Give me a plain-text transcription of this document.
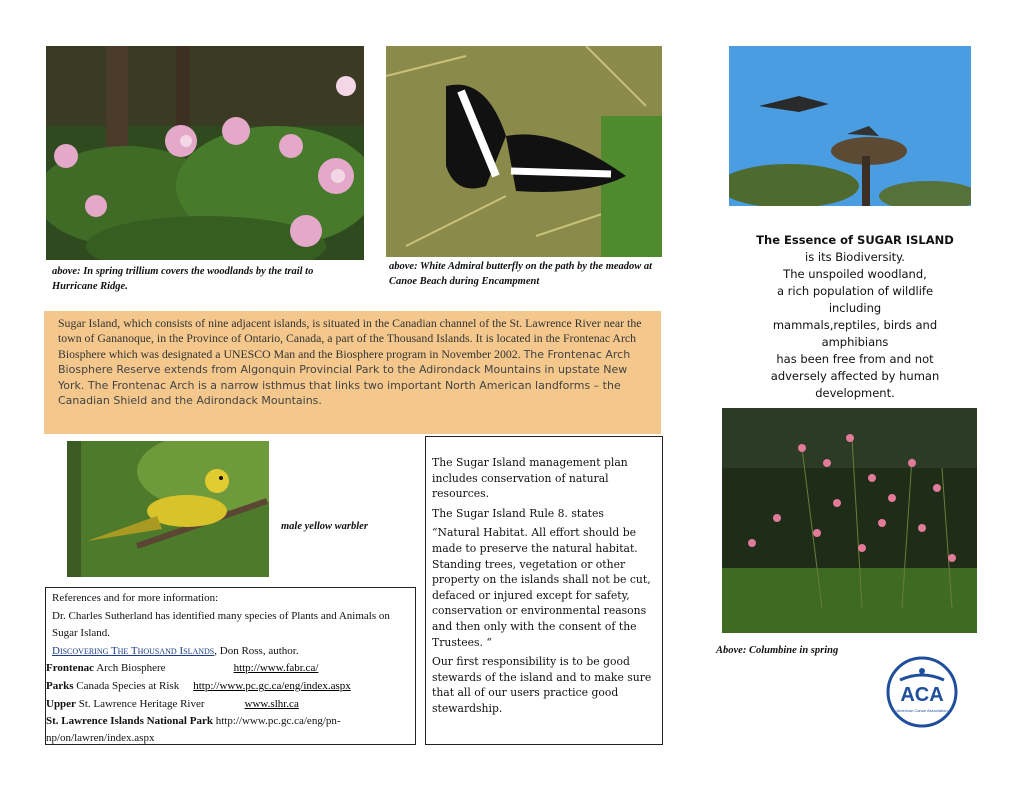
above: In spring trillium covers the woodlands by the trail to Hurricane Ridge.
above: White Admiral butterfly on the path by the meadow at Canoe Beach during Encampment

Sugar Island, which consists of nine adjacent islands, is situated in the Canadian channel of the St. Lawrence River near the town of Gananoque, in the Province of Ontario, Canada, a part of the Thousand Islands. It is located in the Frontenac Arch Biosphere which was designated a UNESCO Man and the Biosphere program in November 2002. The Frontenac Arch Biosphere Reserve extends from Algonquin Provincial Park to the Adirondack Mountains in upstate New York. The Frontenac Arch is a narrow isthmus that links two important North American landforms – the Canadian Shield and the Adirondack Mountains.

The Essence of SUGAR ISLAND
is its Biodiversity.
The unspoiled woodland,
a rich population of wildlife
including
mammals,reptiles, birds and
amphibians
has been free from and not
adversely affected by human
development.
Above: Columbine in spring
male yellow warbler
References and for more information:
Dr. Charles Sutherland has identified many species of Plants and Animals on Sugar Island.
Discovering The Thousand Islands, Don Ross, author.
Frontenac Arch Biosphere	http://www.fabr.ca/
Parks Canada Species at Risk http://www.pc.gc.ca/eng/index.aspx
Upper St. Lawrence Heritage River	www.slhr.ca
St. Lawrence Islands National Park http://www.pc.gc.ca/eng/pn-np/on/lawren/index.aspx

The Sugar Island management plan includes conservation of natural resources.

The Sugar Island Rule 8. states

“Natural Habitat. All effort should be made to preserve the natural habitat. Standing trees, vegetation or other property on the islands shall not be cut, defaced or injured except for safety, conservation or environmental reasons and then only with the consent of the Trustees. “

Our first responsibility is to be good stewards of the island and to make sure that all of our users practice good stewardship.

ACA
American Canoe Association
